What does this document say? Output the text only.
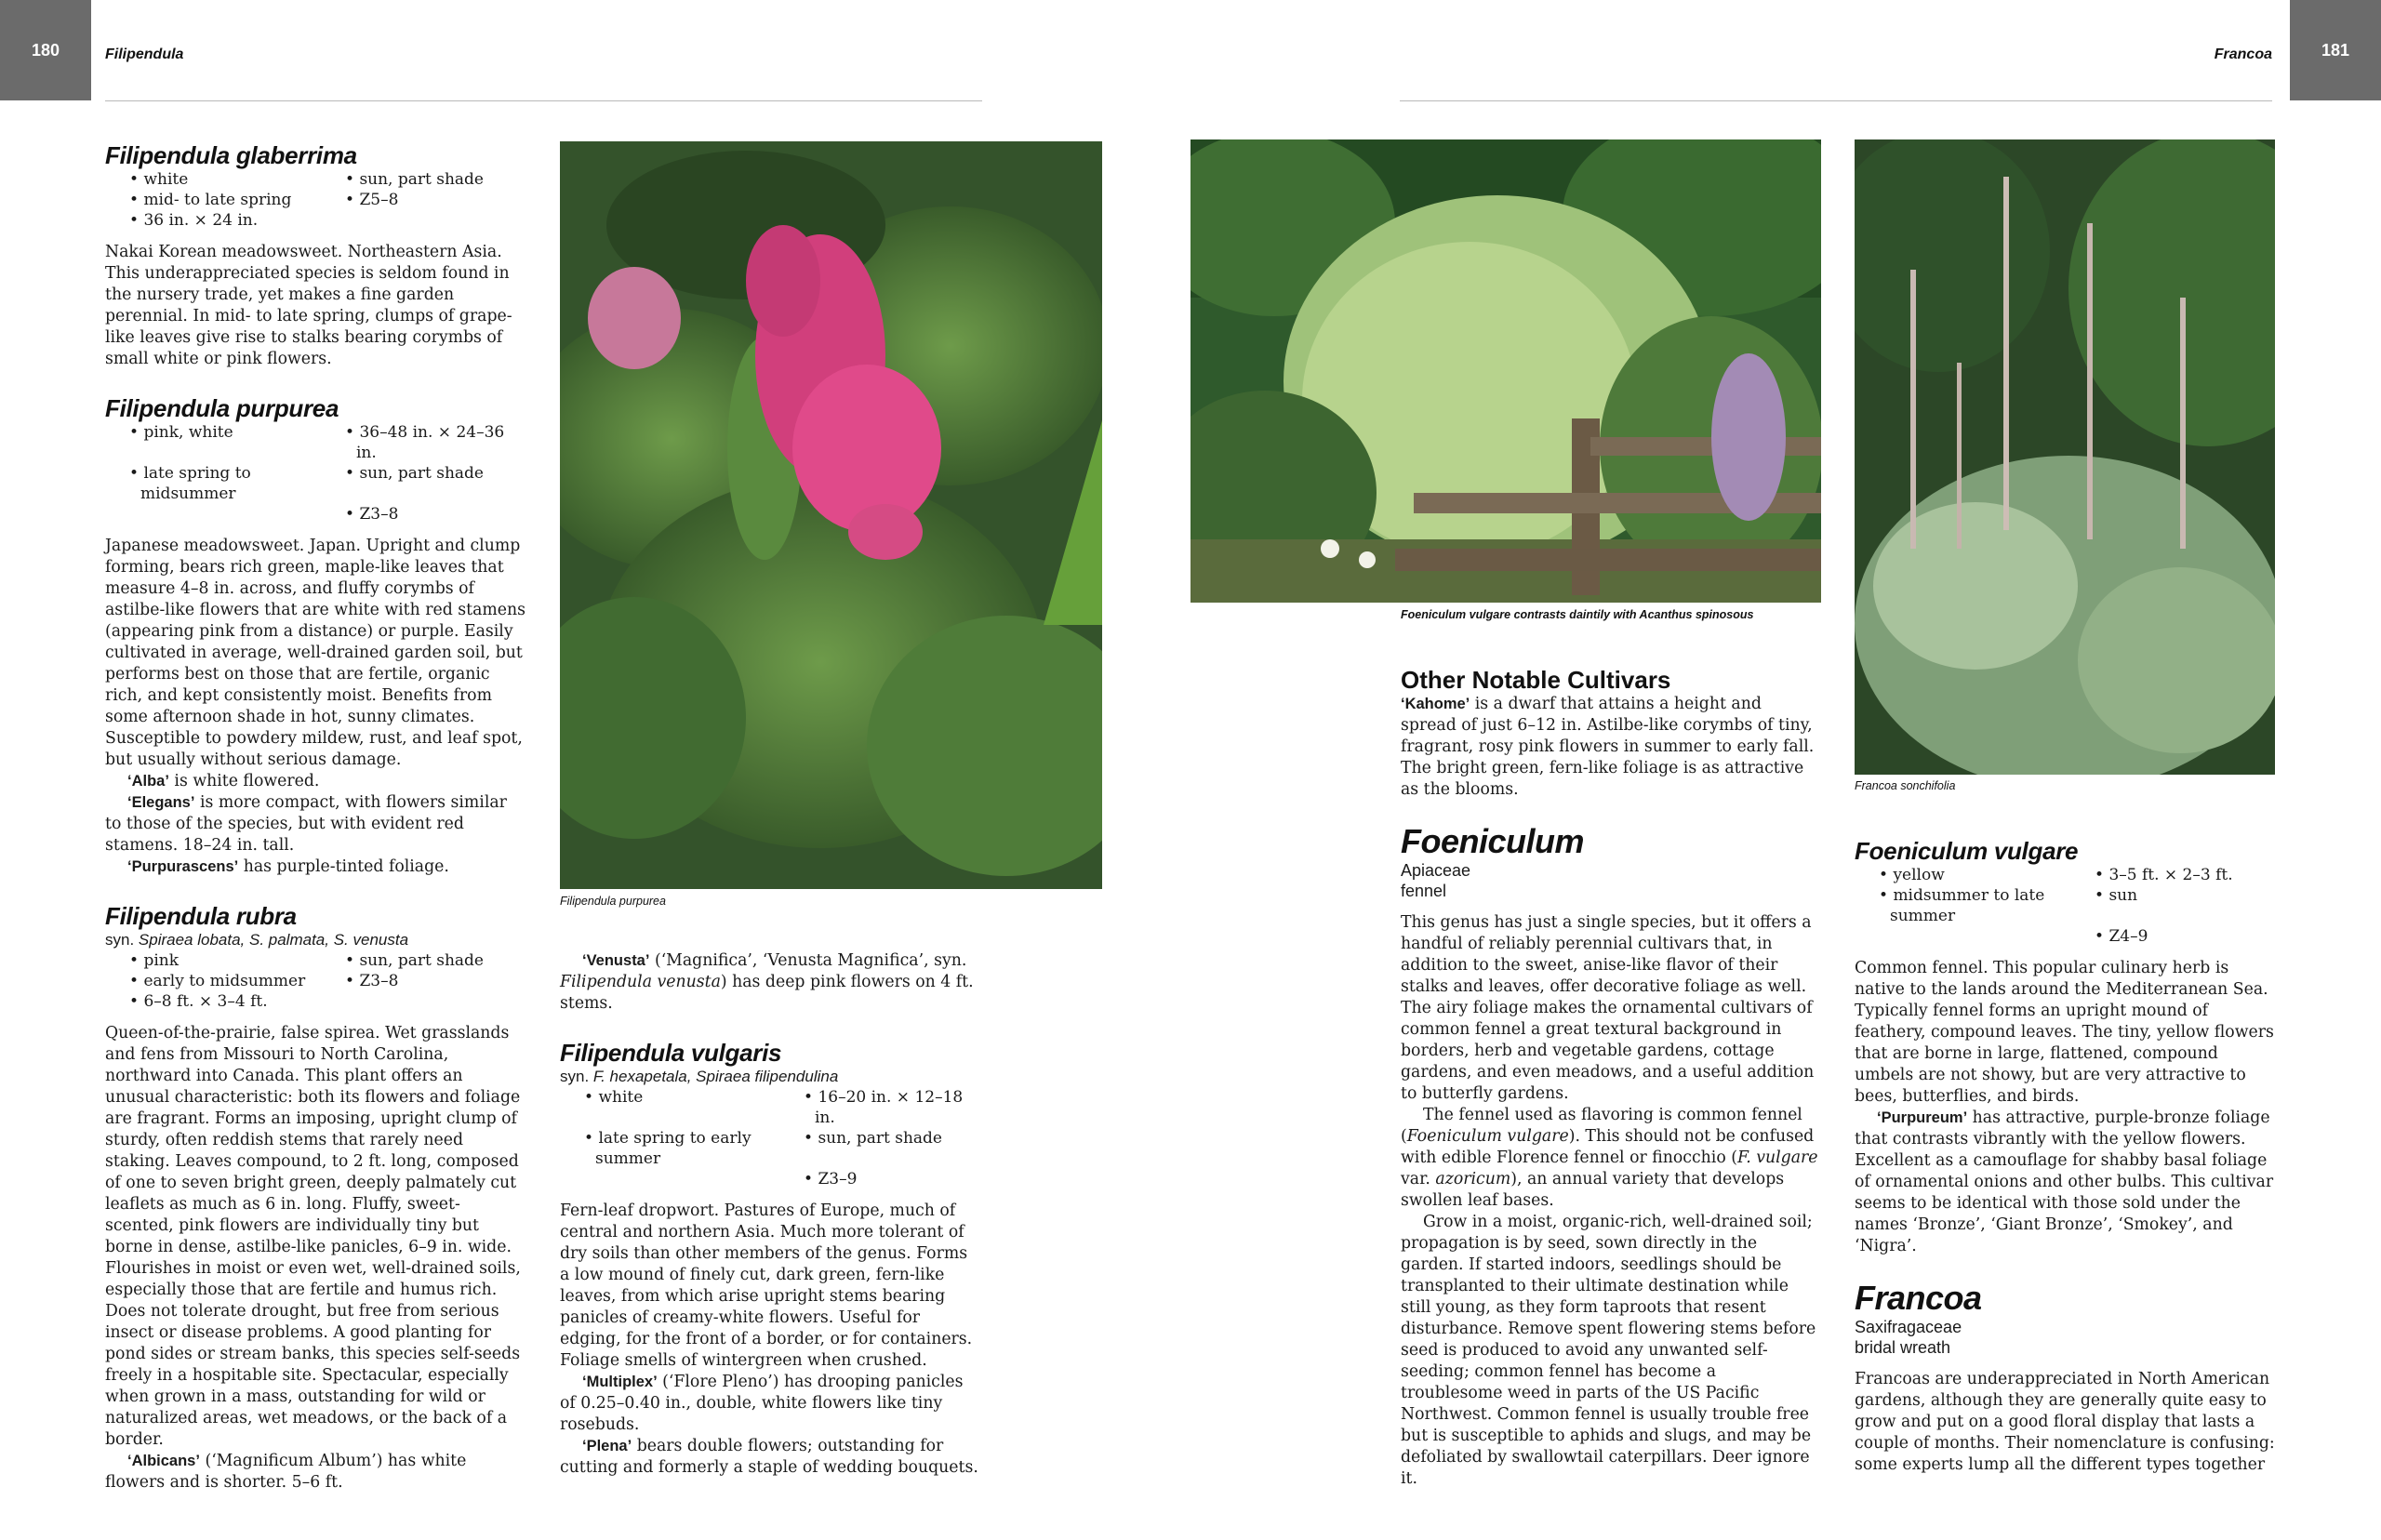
180	Filipendula	181
Francoa
Filipendula glaberrima
• white	• sun, part shade
• mid- to late spring	• Z5–8
• 36 in. × 24 in.

Nakai Korean meadowsweet. Northeastern Asia. This underappreciated species is seldom found in the nursery trade, yet makes a fine garden perennial. In mid- to late spring, clumps of grape-like leaves give rise to stalks bearing corymbs of small white or pink flowers.

Filipendula purpurea
• pink, white	• 36–48 in. × 24–36 in.
• late spring to midsummer
• sun, part shade
• Z3–8

Japanese meadowsweet. Japan. Upright and clump forming, bears rich green, maple-like leaves that measure 4–8 in. across, and fluffy corymbs of astilbe-like flowers that are white with red stamens (appearing pink from a distance) or purple. Easily cultivated in average, well-drained garden soil, but performs best on those that are fertile, organic rich, and kept consistently moist. Benefits from some afternoon shade in hot, sunny climates. Susceptible to powdery mildew, rust, and leaf spot, but usually without serious damage.

‘Alba’ is white flowered.

‘Elegans’ is more compact, with flowers similar to those of the species, but with evident red stamens. 18–24 in. tall.

‘Purpurascens’ has purple-tinted foliage.

Filipendula rubra
syn. Spiraea lobata, S. palmata, S. venusta
• pink	• sun, part shade
• early to midsummer	• Z3–8
• 6–8 ft. × 3–4 ft.

Queen-of-the-prairie, false spirea. Wet grasslands and fens from Missouri to North Carolina, northward into Canada. This plant offers an unusual characteristic: both its flowers and foliage are fragrant. Forms an imposing, upright clump of sturdy, often reddish stems that rarely need staking. Leaves compound, to 2 ft. long, composed of one to seven bright green, deeply palmately cut leaflets as much as 6 in. long. Fluffy, sweet-scented, pink flowers are individually tiny but borne in dense, astilbe-like panicles, 6–9 in. wide. Flourishes in moist or even wet, well-drained soils, especially those that are fertile and humus rich. Does not tolerate drought, but free from serious insect or disease problems. A good planting for pond sides or stream banks, this species self-seeds freely in a hospitable site. Spectacular, especially when grown in a mass, outstanding for wild or naturalized areas, wet meadows, or the back of a border.

‘Albicans’ (‘Magnificum Album’) has white flowers and is shorter. 5–6 ft.

Filipendula purpurea

‘Venusta’ (‘Magnifica’, ‘Venusta Magnifica’, syn. Filipendula venusta) has deep pink flowers on 4 ft. stems.

Filipendula vulgaris
syn. F. hexapetala, Spiraea filipendulina
• white	• 16–20 in. × 12–18 in.
• late spring to early summer
• sun, part shade
• Z3–9

Fern-leaf dropwort. Pastures of Europe, much of central and northern Asia. Much more tolerant of dry soils than other members of the genus. Forms a low mound of finely cut, dark green, fern-like leaves, from which arise upright stems bearing panicles of creamy-white flowers. Useful for edging, for the front of a border, or for containers. Foliage smells of wintergreen when crushed.

‘Multiplex’ (‘Flore Pleno’) has drooping panicles of 0.25–0.40 in., double, white flowers like tiny rosebuds.

‘Plena’ bears double flowers; outstanding for cutting and formerly a staple of wedding bouquets.

Foeniculum vulgare contrasts daintily with Acanthus spinosous
Other Notable Cultivars

‘Kahome’ is a dwarf that attains a height and spread of just 6–12 in. Astilbe-like corymbs of tiny, fragrant, rosy pink flowers in summer to early fall. The bright green, fern-like foliage is as attractive as the blooms.

Foeniculum
Apiaceae
fennel

This genus has just a single species, but it offers a handful of reliably perennial cultivars that, in addition to the sweet, anise-like flavor of their stalks and leaves, offer decorative foliage as well. The airy foliage makes the ornamental cultivars of common fennel a great textural background in borders, herb and vegetable gardens, cottage gardens, and even meadows, and a useful addition to butterfly gardens.

The fennel used as flavoring is common fennel (Foeniculum vulgare). This should not be confused with edible Florence fennel or finocchio (F. vulgare var. azoricum), an annual variety that develops swollen leaf bases.

Grow in a moist, organic-rich, well-drained soil; propagation is by seed, sown directly in the garden. If started indoors, seedlings should be transplanted to their ultimate destination while still young, as they form taproots that resent disturbance. Remove spent flowering stems before seed is produced to avoid any unwanted self-seeding; common fennel has become a troublesome weed in parts of the US Pacific Northwest. Common fennel is usually trouble free but is susceptible to aphids and slugs, and may be defoliated by swallowtail caterpillars. Deer ignore it.

Francoa sonchifolia
Foeniculum vulgare
• yellow	• 3–5 ft. × 2–3 ft.
• midsummer to late summer
• sun
• Z4–9

Common fennel. This popular culinary herb is native to the lands around the Mediterranean Sea. Typically fennel forms an upright mound of feathery, compound leaves. The tiny, yellow flowers that are borne in large, flattened, compound umbels are not showy, but are very attractive to bees, butterflies, and birds.

‘Purpureum’ has attractive, purple-bronze foliage that contrasts vibrantly with the yellow flowers. Excellent as a camouflage for shabby basal foliage of ornamental onions and other bulbs. This cultivar seems to be identical with those sold under the names ‘Bronze’, ‘Giant Bronze’, ‘Smokey’, and ‘Nigra’.

Francoa
Saxifragaceae
bridal wreath

Francoas are underappreciated in North American gardens, although they are generally quite easy to grow and put on a good floral display that lasts a couple of months. Their nomenclature is confusing: some experts lump all the different types together
